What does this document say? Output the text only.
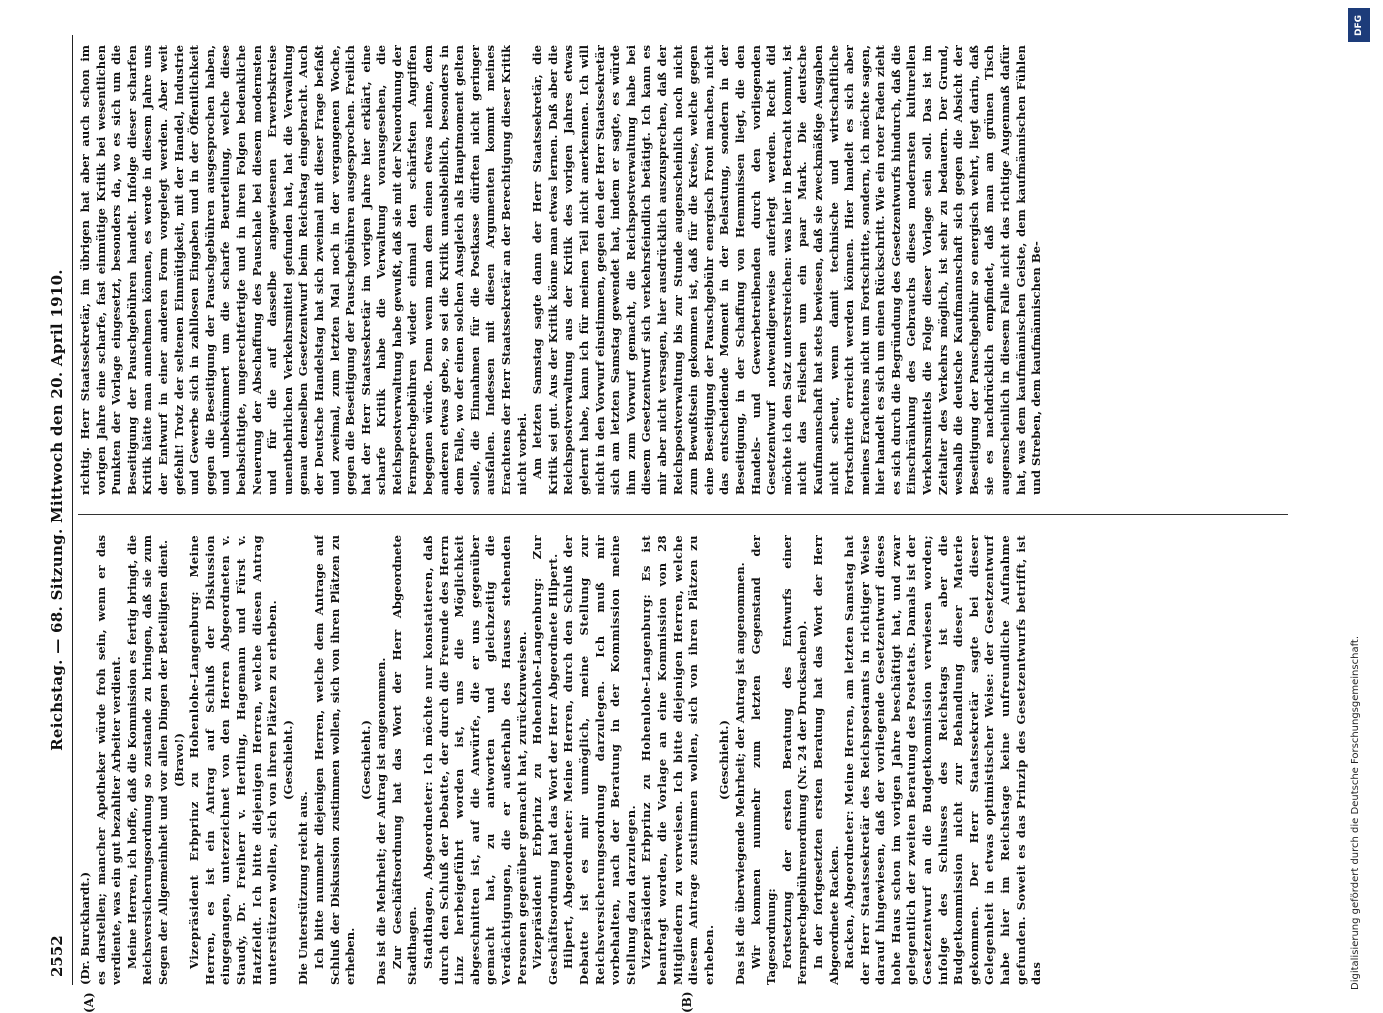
2552
Reichstag. — 68. Sitzung. Mittwoch den 20. April 1910.
(A)	(B)

(Dr. Burckhardt.) es darstellen; mancher Apotheker würde froh sein, wenn er das verdiente, was ein gut bezahlter Arbeiter verdient. Meine Herren, ich hoffe, daß die Kommission es fertig bringt, die Reichsversicherungsordnung so zustande zu bringen, daß sie zum Segen der Allgemeinheit und vor allen Dingen der Beteiligten dient. (Bravo!) Vizepräsident Erbprinz zu Hohenlohe-Langenburg: Meine Herren, es ist ein Antrag auf Schluß der Diskussion eingegangen, unterzeichnet von den Herren Abgeordneten v. Staudy, Dr. Freiherr v. Hertling, Hagemann und Fürst v. Hatzfeldt. Ich bitte diejenigen Herren, welche diesen Antrag unterstützen wollen, sich von ihren Plätzen zu erheben. (Geschieht.)

Die Unterstützung reicht aus. Ich bitte nunmehr diejenigen Herren, welche dem Antrage auf Schluß der Diskussion zustimmen wollen, sich von ihren Plätzen zu erheben.

(Geschieht.) Das ist die Mehrheit; der Antrag ist angenommen. Zur Geschäftsordnung hat das Wort der Herr Abgeordnete Stadthagen. Stadthagen, Abgeordneter: Ich möchte nur konstatieren, daß durch den Schluß der Debatte, der durch die Freunde des Herrn Linz herbeigeführt worden ist, uns die Möglichkeit abgeschnitten ist, auf die Anwürfe, die er uns gegenüber gemacht hat, zu antworten und gleichzeitig die Verdächtigungen, die er außerhalb des Hauses stehenden Personen gegenüber gemacht hat, zurückzuweisen. Vizepräsident Erbprinz zu Hohenlohe-Langenburg: Zur Geschäftsordnung hat das Wort der Herr Abgeordnete Hilpert. Hilpert, Abgeordneter: Meine Herren, durch den Schluß der Debatte ist es mir unmöglich, meine Stellung zur Reichsversicherungsordnung darzulegen. Ich muß mir vorbehalten, nach der Beratung in der Kommission meine Stellung dazu darzulegen. Vizepräsident Erbprinz zu Hohenlohe-Langenburg: Es ist beantragt worden, die Vorlage an eine Kommission von 28 Mitgliedern zu verweisen. Ich bitte diejenigen Herren, welche diesem Antrage zustimmen wollen, sich von ihren Plätzen zu erheben.

(Geschieht.) Das ist die überwiegende Mehrheit; der Antrag ist angenommen. Wir kommen nunmehr zum letzten Gegenstand der Tagesordnung: Fortsetzung der ersten Beratung des Entwurfs einer Fernsprechgebührenordnung (Nr. 24 der Drucksachen). In der fortgesetzten ersten Beratung hat das Wort der Herr Abgeordnete Racken. Racken, Abgeordneter: Meine Herren, am letzten Samstag hat der Herr Staatssekretär des Reichspostamts in richtiger Weise darauf hingewiesen, daß der vorliegende Gesetzentwurf dieses hohe Haus schon im vorigen Jahre beschäftigt hat, und zwar gelegentlich der zweiten Beratung des Postetats. Damals ist der Gesetzentwurf an die Budgetkommission verwiesen worden; infolge des Schlusses des Reichstags ist aber die Budgetkommission nicht zur Behandlung dieser Materie gekommen. Der Herr Staatssekretär sagte bei dieser Gelegenheit in etwas optimistischer Weise: der Gesetzentwurf habe hier im Reichstage keine unfreundliche Aufnahme gefunden. Soweit es das Prinzip des Gesetzentwurfs betrifft, ist das

richtig. Herr Staatssekretär, im übrigen hat aber auch schon im vorigen Jahre eine scharfe, fast einmütige Kritik bei wesentlichen Punkten der Vorlage eingesetzt, besonders da, wo es sich um die Beseitigung der Pauschgebühren handelt. Infolge dieser scharfen Kritik hätte man annehmen können, es werde in diesem Jahre uns der Entwurf in einer anderen Form vorgelegt werden. Aber weit gefehlt! Trotz der seltenen Einmütigkeit, mit der Handel, Industrie und Gewerbe sich in zahllosen Eingaben und in der Öffentlichkeit gegen die Beseitigung der Pauschgebühren ausgesprochen haben, und unbekümmert um die scharfe Beurteilung, welche diese beabsichtigte, ungerechtfertigte und in ihren Folgen bedenkliche Neuerung der Abschaffung des Pauschale bei diesem modernsten und für die auf dasselbe angewiesenen Erwerbskreise unentbehrlichen Verkehrsmittel gefunden hat, hat die Verwaltung genau denselben Gesetzentwurf beim Reichstag eingebracht. Auch der Deutsche Handelstag hat sich zweimal mit dieser Frage befaßt und zweimal, zum letzten Mal noch in der vergangenen Woche, gegen die Beseitigung der Pauschgebühren ausgesprochen. Freilich hat der Herr Staatssekretär im vorigen Jahre hier erklärt, eine scharfe Kritik habe die Verwaltung vorausgesehen, die Reichspostverwaltung habe gewußt, daß sie mit der Neuordnung der Fernsprechgebühren wieder einmal den schärfsten Angriffen begegnen würde. Denn wenn man dem einen etwas nehme, dem anderen etwas gebe, so sei die Kritik unausbleiblich, besonders in dem Falle, wo der einen solchen Ausgleich als Hauptmoment gelten solle, die Einnahmen für die Postkasse dürften nicht geringer ausfallen. Indessen mit diesen Argumenten kommt meines Erachtens der Herr Staatssekretär an der Berechtigung dieser Kritik nicht vorbei. Am letzten Samstag sagte dann der Herr Staatssekretär, die Kritik sei gut. Aus der Kritik könne man etwas lernen. Daß aber die Reichspostverwaltung aus der Kritik des vorigen Jahres etwas gelernt habe, kann ich für meinen Teil nicht anerkennen. Ich will nicht in den Vorwurf einstimmen, gegen den der Herr Staatssekretär sich am letzten Samstag gewendet hat, indem er sagte, es würde ihm zum Vorwurf gemacht, die Reichspostverwaltung habe bei diesem Gesetzentwurf sich verkehrsfeindlich betätigt. Ich kann es mir aber nicht versagen, hier ausdrücklich auszusprechen, daß der Reichspostverwaltung bis zur Stunde augenscheinlich noch nicht zum Bewußtsein gekommen ist, daß für die Kreise, welche gegen eine Beseitigung der Pauschgebühr energisch Front machen, nicht das entscheidende Moment in der Belastung, sondern in der Beseitigung, in der Schaffung von Hemmnissen liegt, die den Handels- und Gewerbetreibenden durch den vorliegenden Gesetzentwurf notwendigerweise auferlegt werden. Recht did möchte ich den Satz unterstreichen: was hier in Betracht kommt, ist nicht das Feilschen um ein paar Mark. Die deutsche Kaufmannschaft hat stets bewiesen, daß sie zweckmäßige Ausgaben nicht scheut, wenn damit technische und wirtschaftliche Fortschritte erreicht werden können. Hier handelt es sich aber meines Erachtens nicht um Fortschritte, sondern, ich möchte sagen, hier handelt es sich um einen Rückschritt. Wie ein roter Faden zieht es sich durch die Begründung des Gesetzentwurfs hindurch, daß die Einschränkung des Gebrauchs dieses modernsten kulturellen Verkehrsmittels die Folge dieser Vorlage sein soll. Das ist im Zeitalter des Verkehrs möglich, ist sehr zu bedauern. Der Grund, weshalb die deutsche Kaufmannschaft sich gegen die Absicht der Beseitigung der Pauschgebühr so energisch wehrt, liegt darin, daß sie es nachdrücklich empfindet, daß man am grünen Tisch augenscheinlich in diesem Falle nicht das richtige Augenmaß dafür hat, was dem kaufmännischen Geiste, dem kaufmännischen Fühlen und Streben, dem kaufmännischen Be-

DFG
Digitalisierung gefördert durch die Deutsche Forschungsgemeinschaft.
